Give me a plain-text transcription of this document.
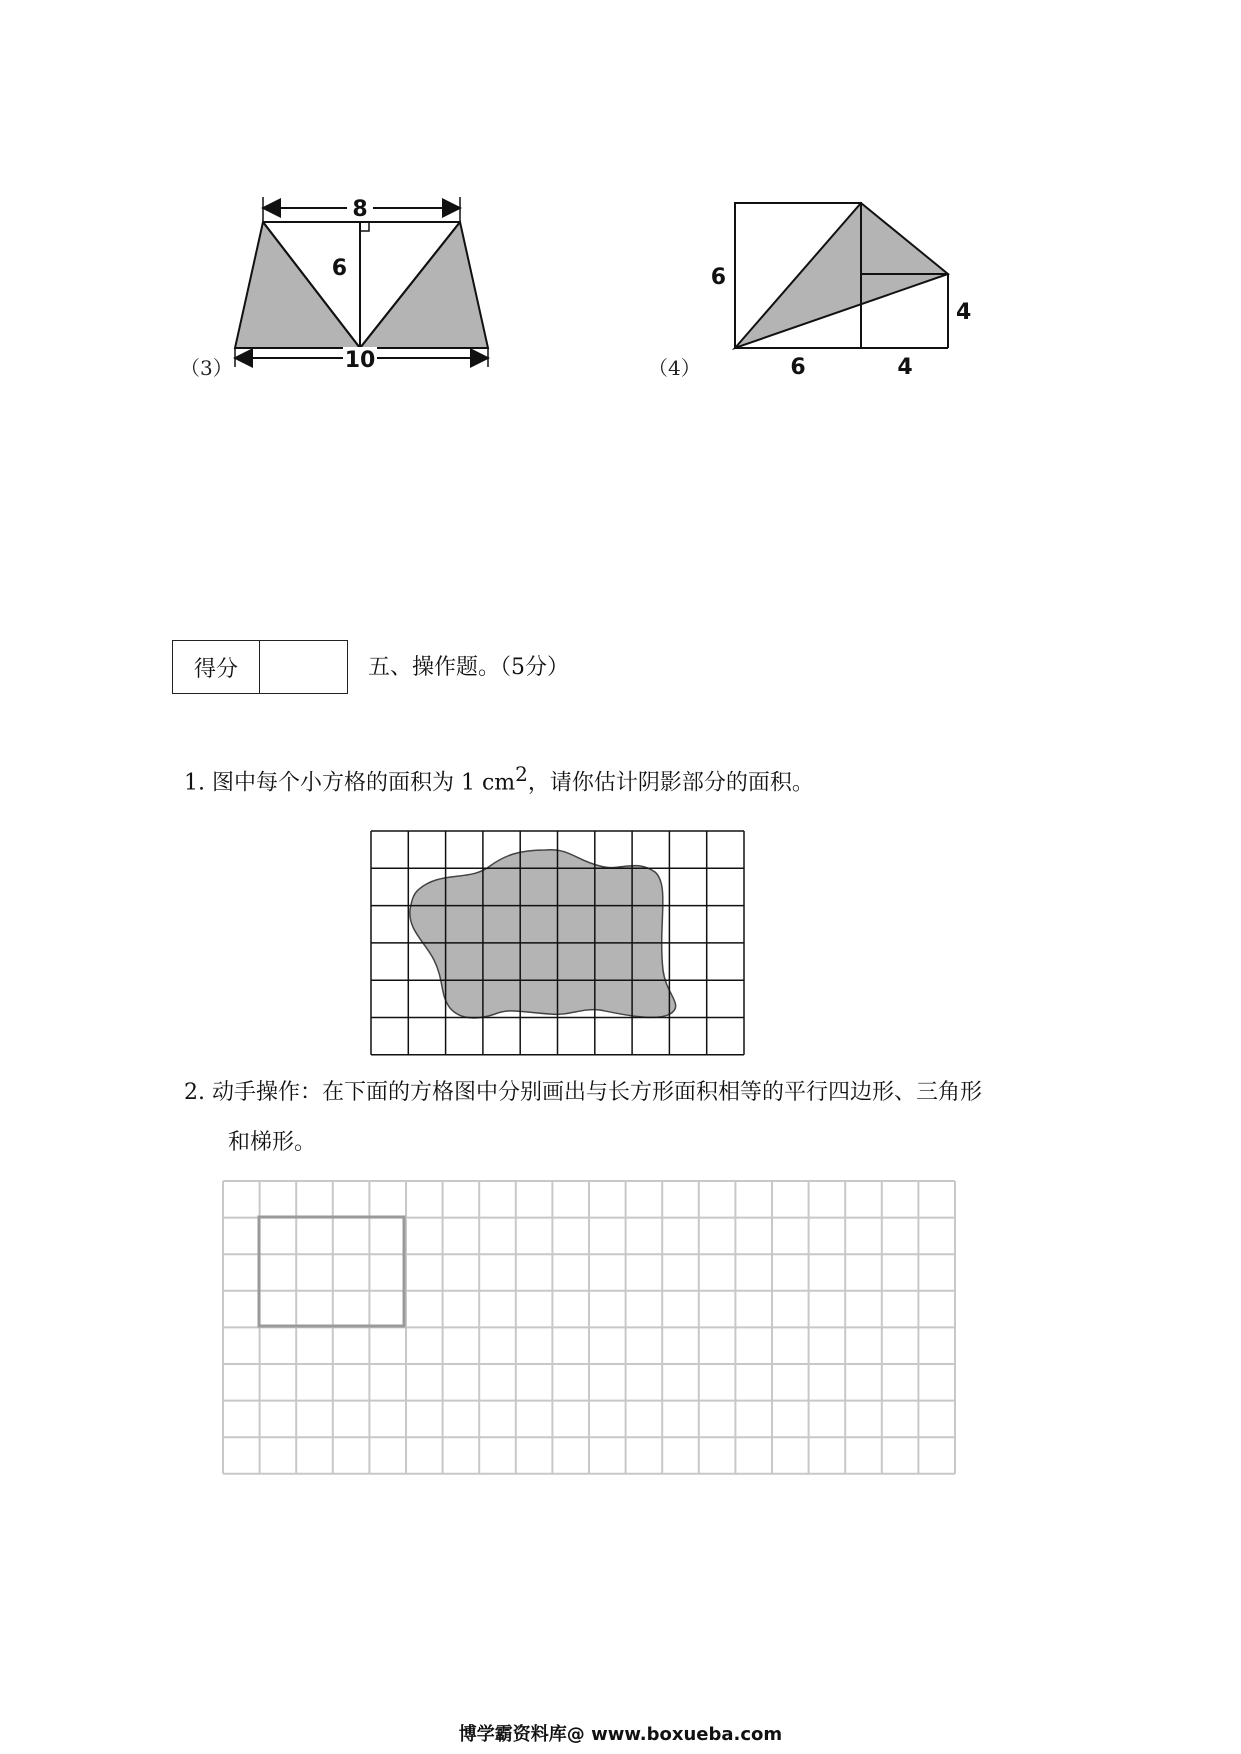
（3）
8
6
10	（4）
6
4
6	4
得分	五、操作题。（5分）
1. 图中每个小方格的面积为 1 $cm^2$，请你估计阴影部分的面积。
2. 动手操作：在下面的方格图中分别画出与长方形面积相等的平行四边形、三角形
和梯形。
博学霸资料库@ www.boxueba.com
